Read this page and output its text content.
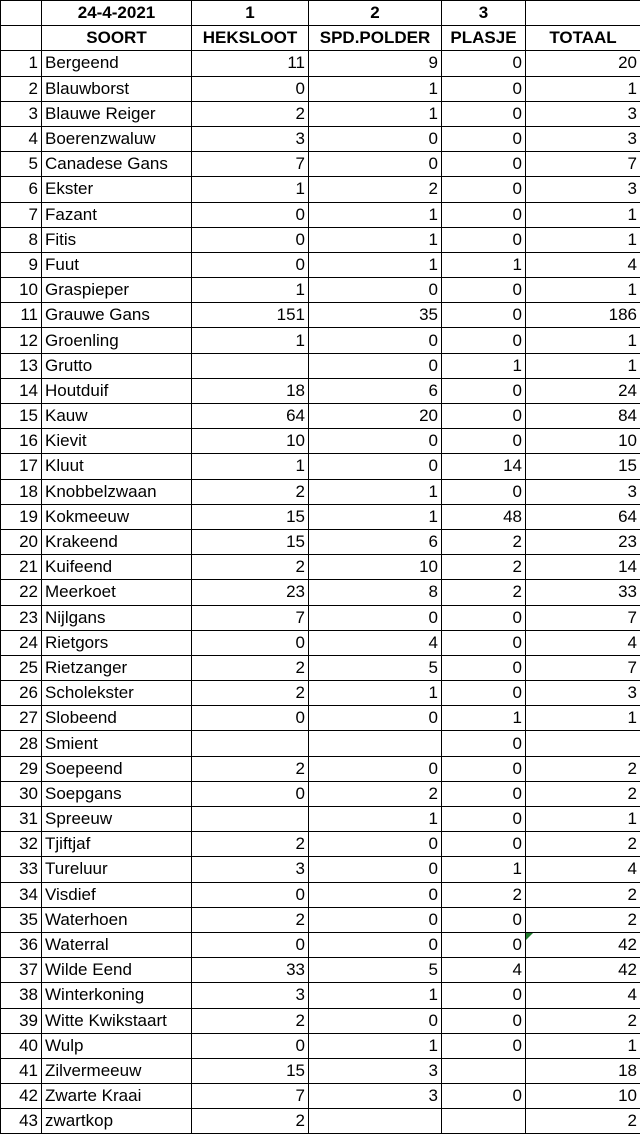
	24-4-2021	1	2	3	
	SOORT	HEKSLOOT	SPD.POLDER	PLASJE	TOTAAL
1	Bergeend	11	9	0	20
2	Blauwborst	0	1	0	1
3	Blauwe Reiger	2	1	0	3
4	Boerenzwaluw	3	0	0	3
5	Canadese Gans	7	0	0	7
6	Ekster	1	2	0	3
7	Fazant	0	1	0	1
8	Fitis	0	1	0	1
9	Fuut	0	1	1	4
10	Graspieper	1	0	0	1
11	Grauwe Gans	151	35	0	186
12	Groenling	1	0	0	1
13	Grutto		0	1	1
14	Houtduif	18	6	0	24
15	Kauw	64	20	0	84
16	Kievit	10	0	0	10
17	Kluut	1	0	14	15
18	Knobbelzwaan	2	1	0	3
19	Kokmeeuw	15	1	48	64
20	Krakeend	15	6	2	23
21	Kuifeend	2	10	2	14
22	Meerkoet	23	8	2	33
23	Nijlgans	7	0	0	7
24	Rietgors	0	4	0	4
25	Rietzanger	2	5	0	7
26	Scholekster	2	1	0	3
27	Slobeend	0	0	1	1
28	Smient			0	
29	Soepeend	2	0	0	2
30	Soepgans	0	2	0	2
31	Spreeuw		1	0	1
32	Tjiftjaf	2	0	0	2
33	Tureluur	3	0	1	4
34	Visdief	0	0	2	2
35	Waterhoen	2	0	0	2
36	Waterral	0	0	0	42
37	Wilde Eend	33	5	4	42
38	Winterkoning	3	1	0	4
39	Witte Kwikstaart	2	0	0	2
40	Wulp	0	1	0	1
41	Zilvermeeuw	15	3		18
42	Zwarte Kraai	7	3	0	10
43	zwartkop	2			2
